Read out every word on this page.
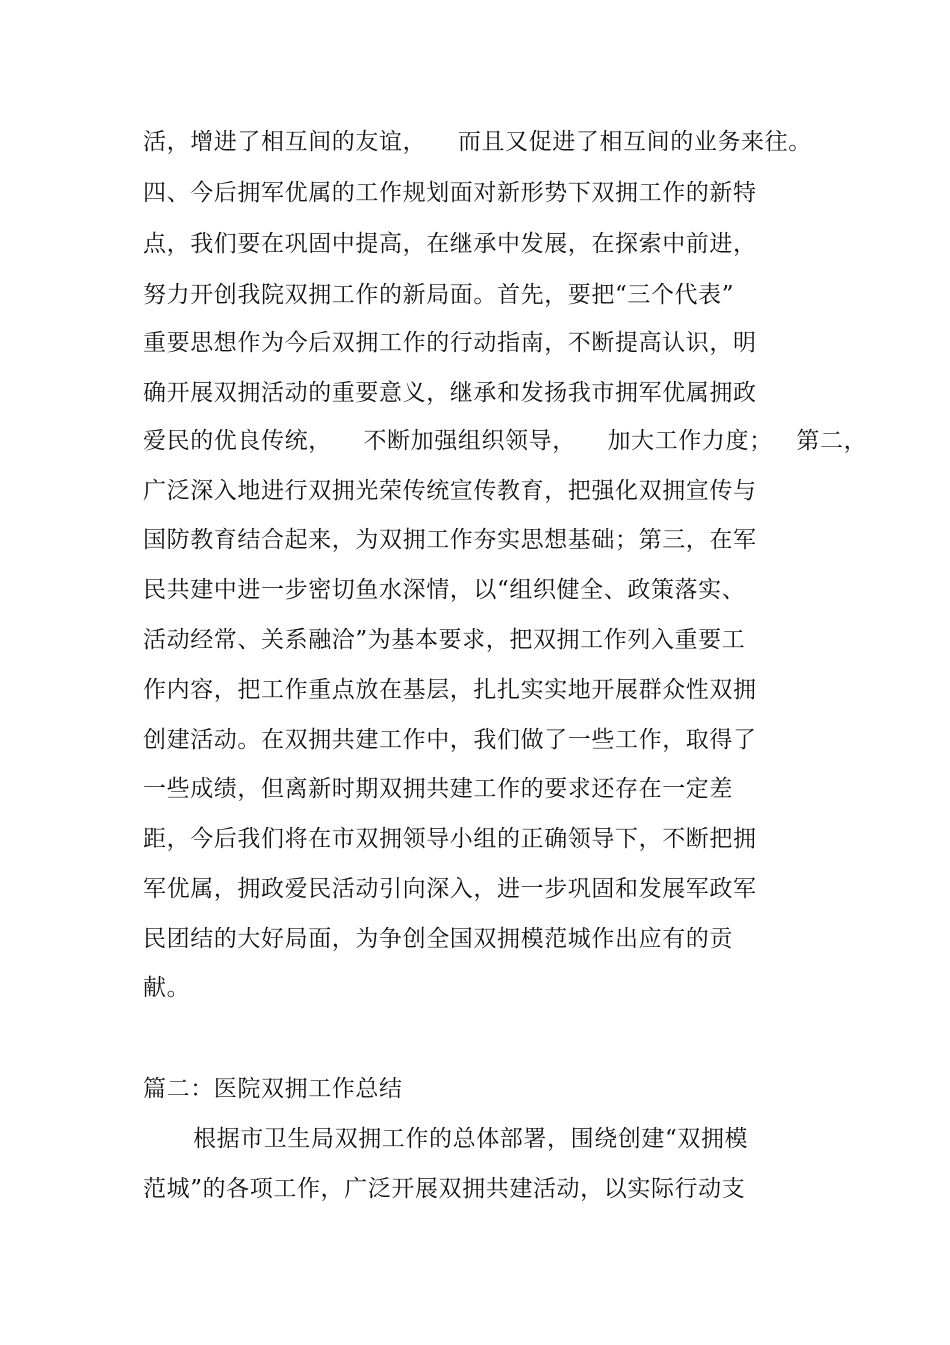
活，增进了相互间的友谊，    而且又促进了相互间的业务来往。
四、今后拥军优属的工作规划面对新形势下双拥工作的新特
点，我们要在巩固中提高，在继承中发展，在探索中前进，
努力开创我院双拥工作的新局面。首先，要把“三个代表”
重要思想作为今后双拥工作的行动指南，不断提高认识，明
确开展双拥活动的重要意义，继承和发扬我市拥军优属拥政
爱民的优良传统，    不断加强组织领导，    加大工作力度；   第二，
广泛深入地进行双拥光荣传统宣传教育，把强化双拥宣传与
国防教育结合起来，为双拥工作夯实思想基础；第三，在军
民共建中进一步密切鱼水深情，以“组织健全、政策落实、
活动经常、关系融洽”为基本要求，把双拥工作列入重要工
作内容，把工作重点放在基层，扎扎实实地开展群众性双拥
创建活动。在双拥共建工作中，我们做了一些工作，取得了
一些成绩，但离新时期双拥共建工作的要求还存在一定差
距，今后我们将在市双拥领导小组的正确领导下，不断把拥
军优属，拥政爱民活动引向深入，进一步巩固和发展军政军
民团结的大好局面，为争创全国双拥模范城作出应有的贡
献。
篇二：医院双拥工作总结
根据市卫生局双拥工作的总体部署，围绕创建“双拥模
范城”的各项工作，广泛开展双拥共建活动，以实际行动支
